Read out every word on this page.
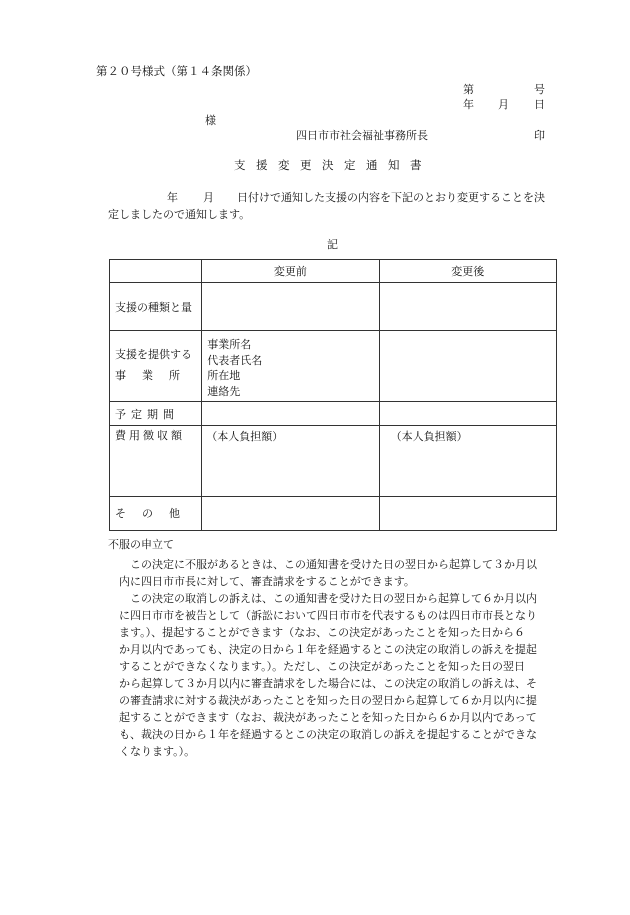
第２０号様式（第１４条関係）
第	号
年 月 日
様
四日市市社会福祉事務所長	印
支援変更決定通知書
年 月 日付けで通知した支援の内容を下記のとおり変更することを決
定しましたので通知します。
記
	変更前	変更後
支援の種類と量		
支援を提供する
事業所	事業所名
代表者氏名
所在地
連絡先	

予定期間		
費用徴収額	（本人負担額）	（本人負担額）
その他		
不服の申立て
　　この決定に不服があるときは、この通知書を受けた日の翌日から起算して３か月以
　内に四日市市長に対して、審査請求をすることができます。
　　この決定の取消しの訴えは、この通知書を受けた日の翌日から起算して６か月以内
　に四日市市を被告として（訴訟において四日市市を代表するものは四日市市長となり
　ます。）、提起することができます（なお、この決定があったことを知った日から６
　か月以内であっても、決定の日から１年を経過するとこの決定の取消しの訴えを提起
　することができなくなります。）。ただし、この決定があったことを知った日の翌日
　から起算して３か月以内に審査請求をした場合には、この決定の取消しの訴えは、そ
　の審査請求に対する裁決があったことを知った日の翌日から起算して６か月以内に提
　起することができます（なお、裁決があったことを知った日から６か月以内であって
　も、裁決の日から１年を経過するとこの決定の取消しの訴えを提起することができな
　くなります。）。
